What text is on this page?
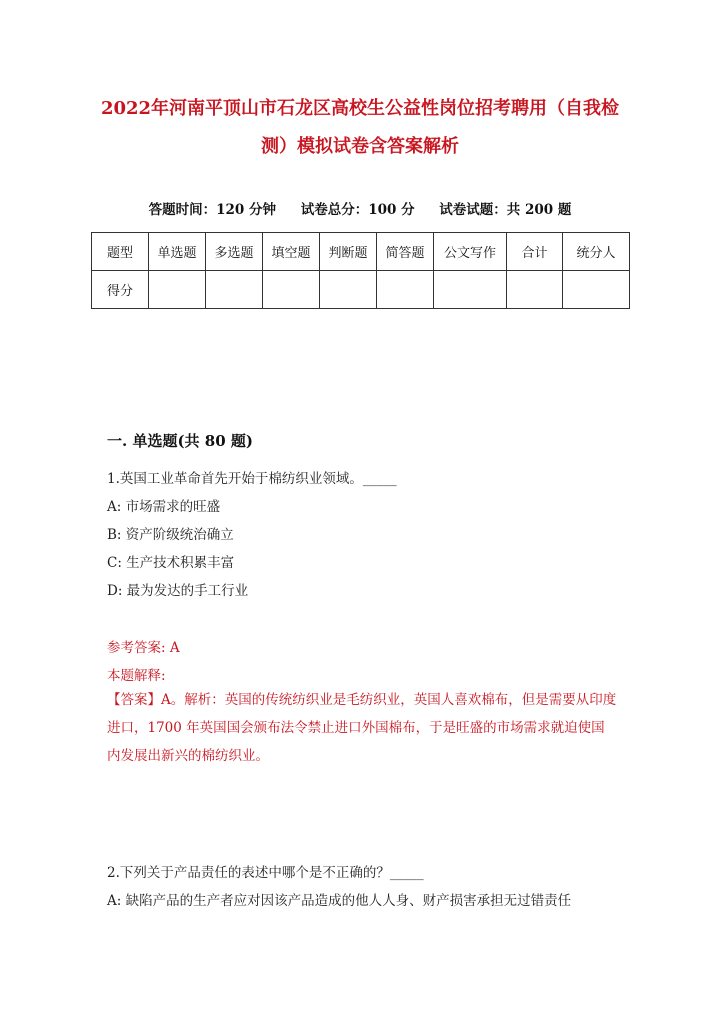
2022年河南平顶山市石龙区高校生公益性岗位招考聘用（自我检
测）模拟试卷含答案解析
答题时间：120 分钟 试卷总分：100 分 试卷试题：共 200 题
题型	单选题	多选题	填空题	判断题	简答题	公文写作	合计	统分人
得分								
一. 单选题(共 80 题)
1.英国工业革命首先开始于棉纺织业领域。_____
A: 市场需求的旺盛
B: 资产阶级统治确立
C: 生产技术积累丰富
D: 最为发达的手工行业
参考答案: A
本题解释:
【答案】A。解析：英国的传统纺织业是毛纺织业，英国人喜欢棉布，但是需要从印度进口，1700 年英国国会颁布法令禁止进口外国棉布，于是旺盛的市场需求就迫使国内发展出新兴的棉纺织业。
2.下列关于产品责任的表述中哪个是不正确的？_____
A: 缺陷产品的生产者应对因该产品造成的他人人身、财产损害承担无过错责任
